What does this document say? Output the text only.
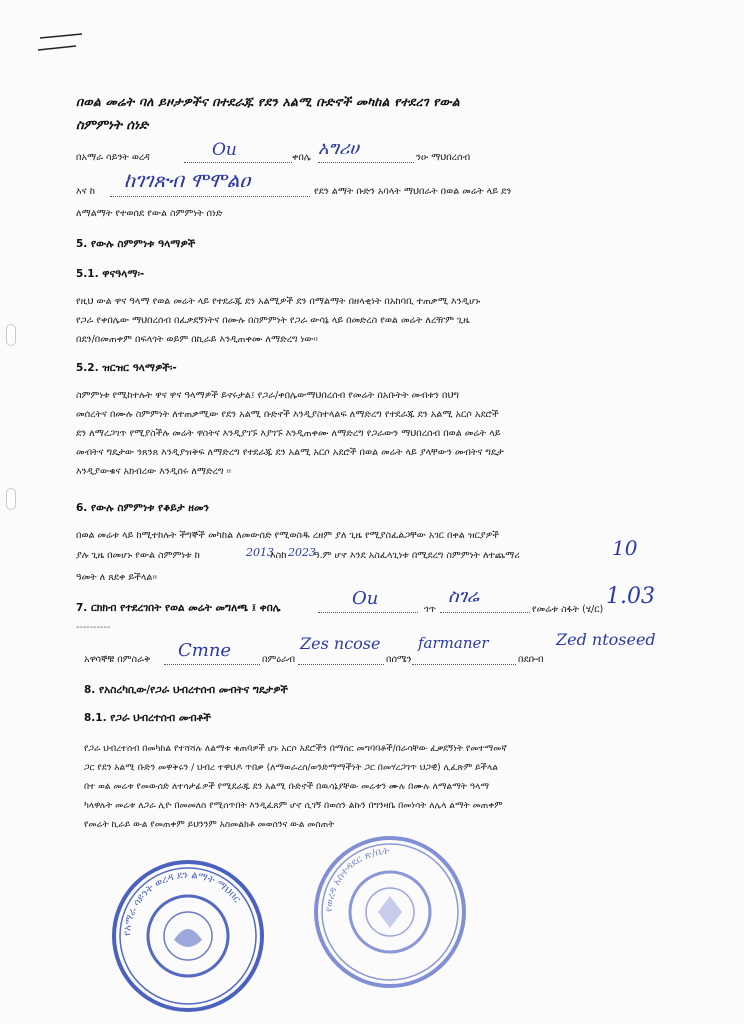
በወል መሬት ባለ ይዞታዎችና በተደራጁ የደን አልሚ ቡድኖች መካከል የተደረገ የውል
ስምምነት ሰነድ
በአማራ ሳይንት ወረዳ	Ou	ቀበሌ አግሪሀ	ንዑ ማህበረሰብ
እና ከ ከገገጽብ ሞሞልዐ	የደን ልማት ቡድን አባላት ማህበራት በወል መሬት ላይ ደን
ለማልማት የተወሰደ የውል ስምምነት ሰነድ
5. የውሉ ስምምነቱ ዓላማዎች
5.1. ዋናዓላማ፡-
የዚህ ውል ዋና ዓላማ የወል መሬት ላይ የተደራጁ ደን አልሚዎች ደን በማልማት በዘላቂነት በአከባቢ ተጠቃሚ እንዲሆኑ
የጋራ የቀበሌው ማህበረሰብ በፈቃደኝነትና በሙሉ በስምምነት የጋራ ውሳኔ ላይ በመድረስ የወል መሬት ለረዥም ጊዜ
በደን/በመጠቀም በፍላጎት ወይም በኪራይ እንዲጠቀሙ ለማድረግ ነው፡፡
5.2. ዝርዝር ዓላማዎች፡-
ስምምነቱ የሚከተሉት ዋና ዋና ዓላማዎች ይኖሩታል፤ የጋራ/ቀበሌውማህበረሰብ የመሬት በአቡትት መብቱን በህግ
መሰረትና በሙሉ ስምምነት ለተጠቃሚው የደን አልሚ ቡድኖች እንዲያስተላልፍ ለማድረግ የተደራጁ ደን አልሚ አርሶ አደሮች
ደን ለማረጋገጥ የሚያስችሉ መሬት ዋስትና እንዲያገኙ እያገኙ እንዲጠቀሙ ለማድረግ የጋራውን ማህበረሰብ በወል መሬት ላይ
መብትና ግዴታው ንጸንጸ እንዲያዝቅፍ ለማድረግ የተደራጁ ደን አልሚ አርሶ አደሮች በወል መሬት ላይ ያላቸውን መብትና ግዴታ
እንዲያውቁና አክብረው እንዲሰሩ ለማድረግ ፡፡
6. የውሉ ስምምነቱ የቆይታ ዘመን
በወል መሬቱ ላይ ከሚተከሉት ችግኞች መካከል ለመውሰድ የሚወስዱ ረዘም ያለ ጊዜ የሚያስፈልጋቸው አገር በቀል ዝርያዎች
ያሉ ጊዜ በመሆኑ የውል ስምምነቱ ከ	2013
እስከ 2023
ዓ.ም ሆኖ እንደ አስፈላጊነቱ በሚደረግ ስምምነት ለተጨማሪ	10
ዓመት ለ ጸደቀ ይችላል፡፡
7. ርክክብ የተደረገበት የወል መሬት መግለጫ ፤ ቀበሌ	Ou
ጎጥ
ስገሬ
የመሬቱ ስፋት (ሄ/ር)
1.03
----------
አዋሳኞቹ በምስራቅ Cmne	በምዕራብ
Zes ncose
በሰሜን
farmaner
በደቡብ
Zed ntoseed
8. የአስረካቢው/የጋራ ህብረተሰብ መብትና ግዴታዎች
8.1. የጋራ ህብረተሰብ መብቶች
የጋራ ህብረተሰብ በመካከል የተሻሻሉ ለልማቱ ቁጠባዎች ሆኑ አርሶ አደሮችን በማሰር መግባባቶች/በራሳቸው ፈቃደኝነት የመተማመኛ
ጋር የደን አልሚ ቡድን መዋቅሩን / ህብረ ተዋህዶ ጥበቃ (ለማወራረስ/ወንድማማችነት ጋር በመሃረጋገጥ ህጋዊ) ሊፈጽም ይችላል
በተ ወል መሬቱ የመውሰድ ለተሳታፊዎች የሚደራጁ ደን አልሚ ቡድኖች በዉሳኔያቸው መሬቱን ሙሉ በሙሉ ለማልማት ዓላማ
ካላዋሉት መሬቱ ለጋራ ሊዮ በመመለስ የሚሰጥበት እንዲፈጸም ሆኖ ሲገኝ በወሰን ልኩን በግንዛቤ በመነሳት ለሌላ ልማት መጠቀም
የመሬት ኪራይ ውል የመጠቀም ይህንንም አስመልክቶ መወሰንና ውል መስጠት
የአማራ ሳይንት ወረዳ ደን ልማት ማህበር
የወረዳ አስተዳደር ጽ/ቤት
